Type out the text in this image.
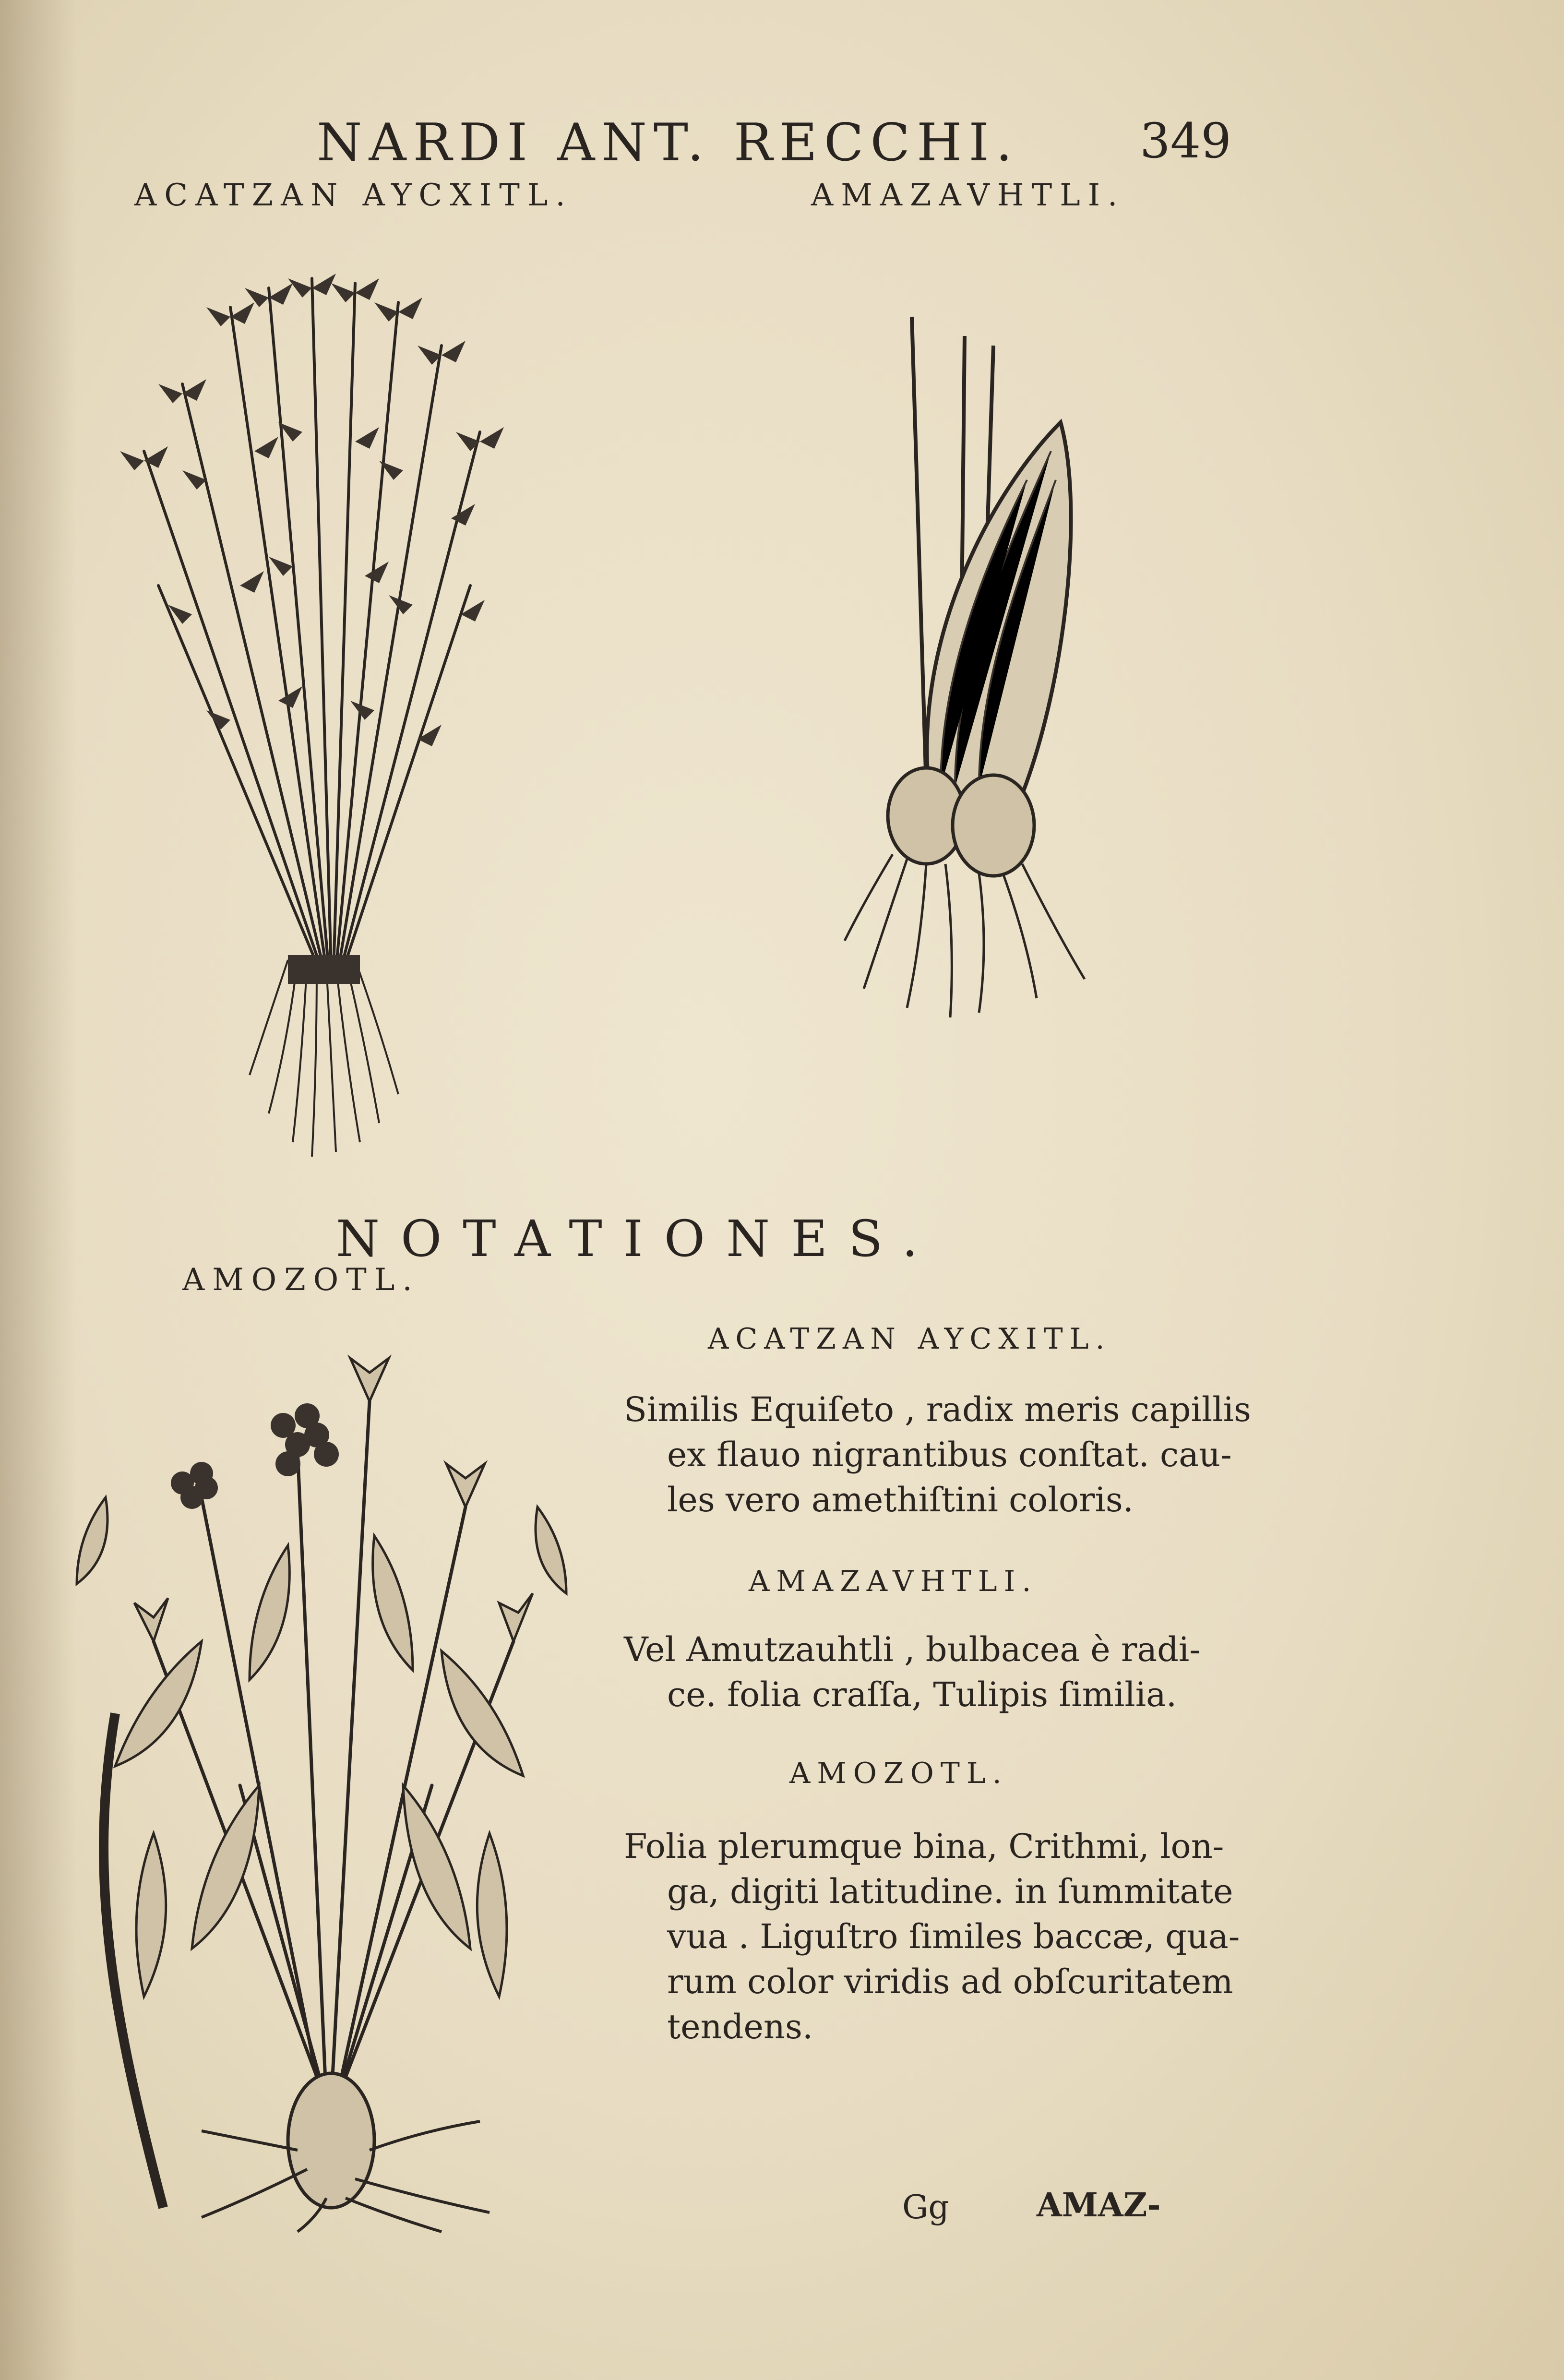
NARDI ANT. RECCHI.	349
ACATZAN AYCXITL.	AMAZAVHTLI.
NOTATIONES.
AMOZOTL.
ACATZAN AYCXITL.
Similis Equiſeto , radix meris capillis
ex flauo nigrantibus conſtat. cau-
les vero amethiſtini coloris.
AMAZAVHTLI.
Vel Amutzauhtli , bulbacea è radi-
ce. folia craſſa, Tulipis ſimilia.
AMOZOTL.
Folia plerumque bina, Crithmi, lon-
ga, digiti latitudine. in ſummitate
vua . Liguſtro ſimiles baccæ, qua-
rum color viridis ad obſcuritatem
tendens.
Gg	AMAZ-
